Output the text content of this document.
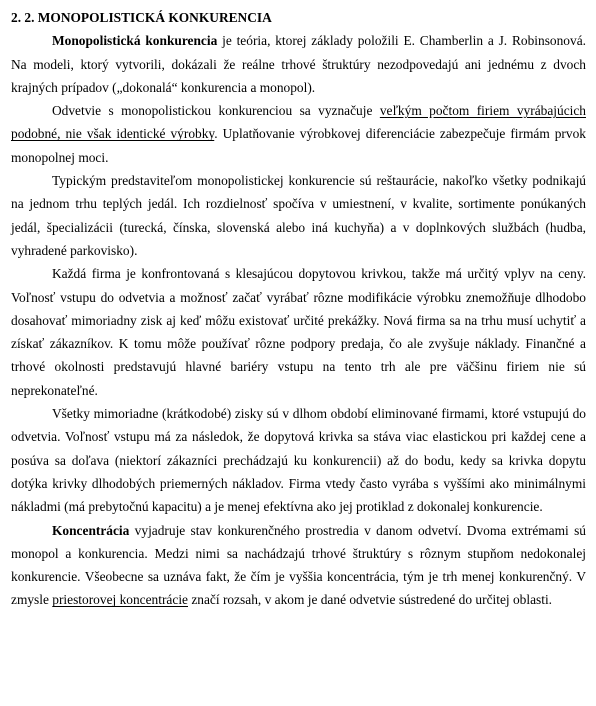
2. 2. MONOPOLISTICKÁ KONKURENCIA

Monopolistická konkurencia je teória, ktorej základy položili E. Chamberlin a J. Robinsonová. Na modeli, ktorý vytvorili, dokázali že reálne trhové štruktúry nezodpovedajú ani jednému z dvoch krajných prípadov („dokonalá“ konkurencia a monopol).

Odvetvie s monopolistickou konkurenciou sa vyznačuje veľkým počtom firiem vyrábajúcich podobné, nie však identické výrobky. Uplatňovanie výrobkovej diferenciácie zabezpečuje firmám prvok monopolnej moci.

Typickým predstaviteľom monopolistickej konkurencie sú reštaurácie, nakoľko všetky podnikajú na jednom trhu teplých jedál. Ich rozdielnosť spočíva v umiestnení, v kvalite, sortimente ponúkaných jedál, špecializácii (turecká, čínska, slovenská alebo iná kuchyňa) a v doplnkových službách (hudba, vyhradené parkovisko).

Každá firma je konfrontovaná s klesajúcou dopytovou krivkou, takže má určitý vplyv na ceny. Voľnosť vstupu do odvetvia a možnosť začať vyrábať rôzne modifikácie výrobku znemožňuje dlhodobo dosahovať mimoriadny zisk aj keď môžu existovať určité prekážky. Nová firma sa na trhu musí uchytiť a získať zákazníkov. K tomu môže používať rôzne podpory predaja, čo ale zvyšuje náklady. Finančné a trhové okolnosti predstavujú hlavné bariéry vstupu na tento trh ale pre väčšinu firiem nie sú neprekonateľné.

Všetky mimoriadne (krátkodobé) zisky sú v dlhom období eliminované firmami, ktoré vstupujú do odvetvia. Voľnosť vstupu má za následok, že dopytová krivka sa stáva viac elastickou pri každej cene a posúva sa doľava (niektorí zákazníci prechádzajú ku konkurencii) až do bodu, kedy sa krivka dopytu dotýka krivky dlhodobých priemerných nákladov. Firma vtedy často vyrába s vyššími ako minimálnymi nákladmi (má prebytočnú kapacitu) a je menej efektívna ako jej protiklad z dokonalej konkurencie.

Koncentrácia vyjadruje stav konkurenčného prostredia v danom odvetví. Dvoma extrémami sú monopol a konkurencia. Medzi nimi sa nachádzajú trhové štruktúry s rôznym stupňom nedokonalej konkurencie. Všeobecne sa uznáva fakt, že čím je vyššia koncentrácia, tým je trh menej konkurenčný. V zmysle priestorovej koncentrácie značí rozsah, v akom je dané odvetvie sústredené do určitej oblasti.
